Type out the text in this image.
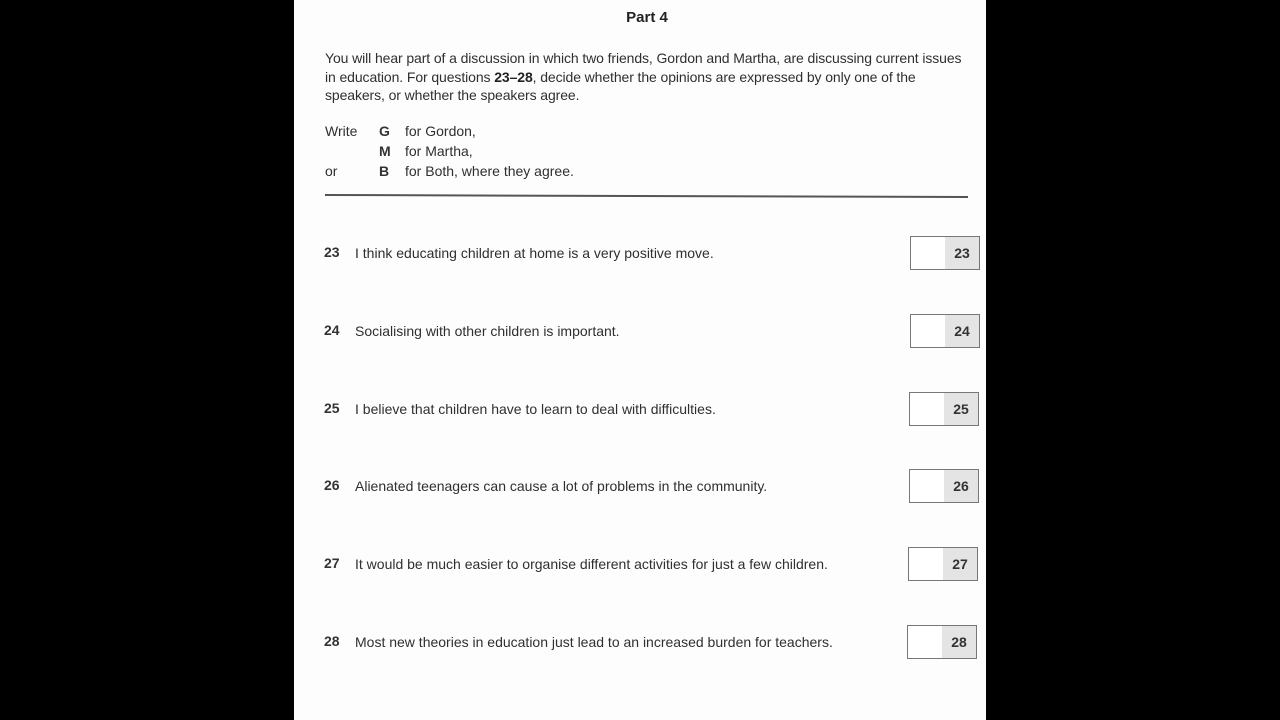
Part 4
You will hear part of a discussion in which two friends, Gordon and Martha, are discussing current issues in education. For questions 23–28, decide whether the opinions are expressed by only one of the speakers, or whether the speakers agree.
Write	G for Gordon,
M for Martha,
or	B for Both, where they agree.
23 I think educating children at home is a very positive move.	23
24 Socialising with other children is important.	24
25 I believe that children have to learn to deal with difficulties.	25
26 Alienated teenagers can cause a lot of problems in the community.	26
27 It would be much easier to organise different activities for just a few children.	27
28 Most new theories in education just lead to an increased burden for teachers.	28
